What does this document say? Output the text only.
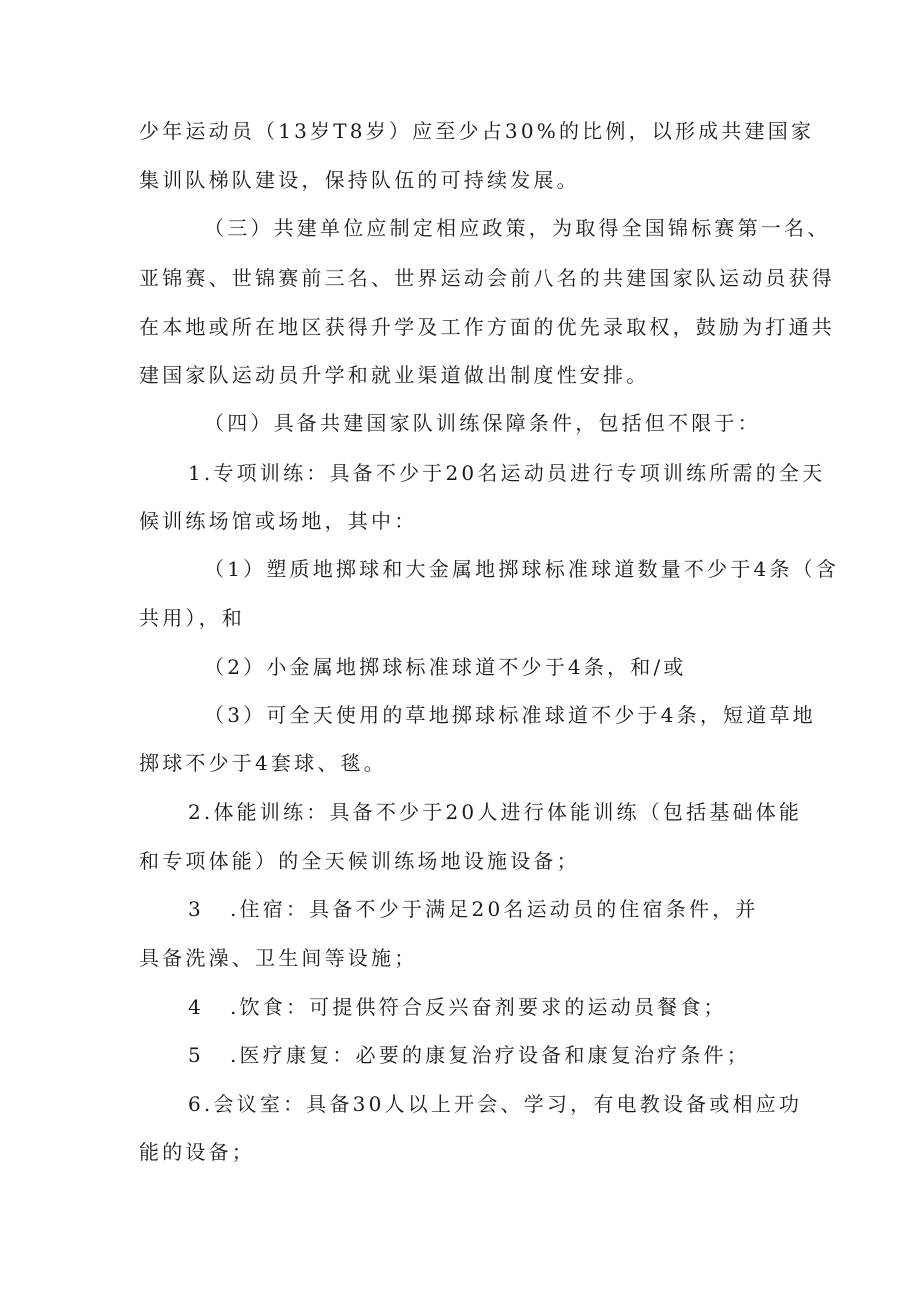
少年运动员（13岁T8岁）应至少占30%的比例，以形成共建国家
集训队梯队建设，保持队伍的可持续发展。
（三）共建单位应制定相应政策，为取得全国锦标赛第一名、
亚锦赛、世锦赛前三名、世界运动会前八名的共建国家队运动员获得
在本地或所在地区获得升学及工作方面的优先录取权，鼓励为打通共
建国家队运动员升学和就业渠道做出制度性安排。
（四）具备共建国家队训练保障条件，包括但不限于：
1.专项训练：具备不少于20名运动员进行专项训练所需的全天
候训练场馆或场地，其中：
（1）塑质地掷球和大金属地掷球标准球道数量不少于4条（含
共用），和
（2）小金属地掷球标准球道不少于4条，和/或
（3）可全天使用的草地掷球标准球道不少于4条，短道草地
掷球不少于4套球、毯。
2.体能训练：具备不少于20人进行体能训练（包括基础体能
和专项体能）的全天候训练场地设施设备；
3 .住宿：具备不少于满足20名运动员的住宿条件，并
具备洗澡、卫生间等设施；
4 .饮食：可提供符合反兴奋剂要求的运动员餐食；
5 .医疗康复：必要的康复治疗设备和康复治疗条件；
6.会议室：具备30人以上开会、学习，有电教设备或相应功
能的设备；
